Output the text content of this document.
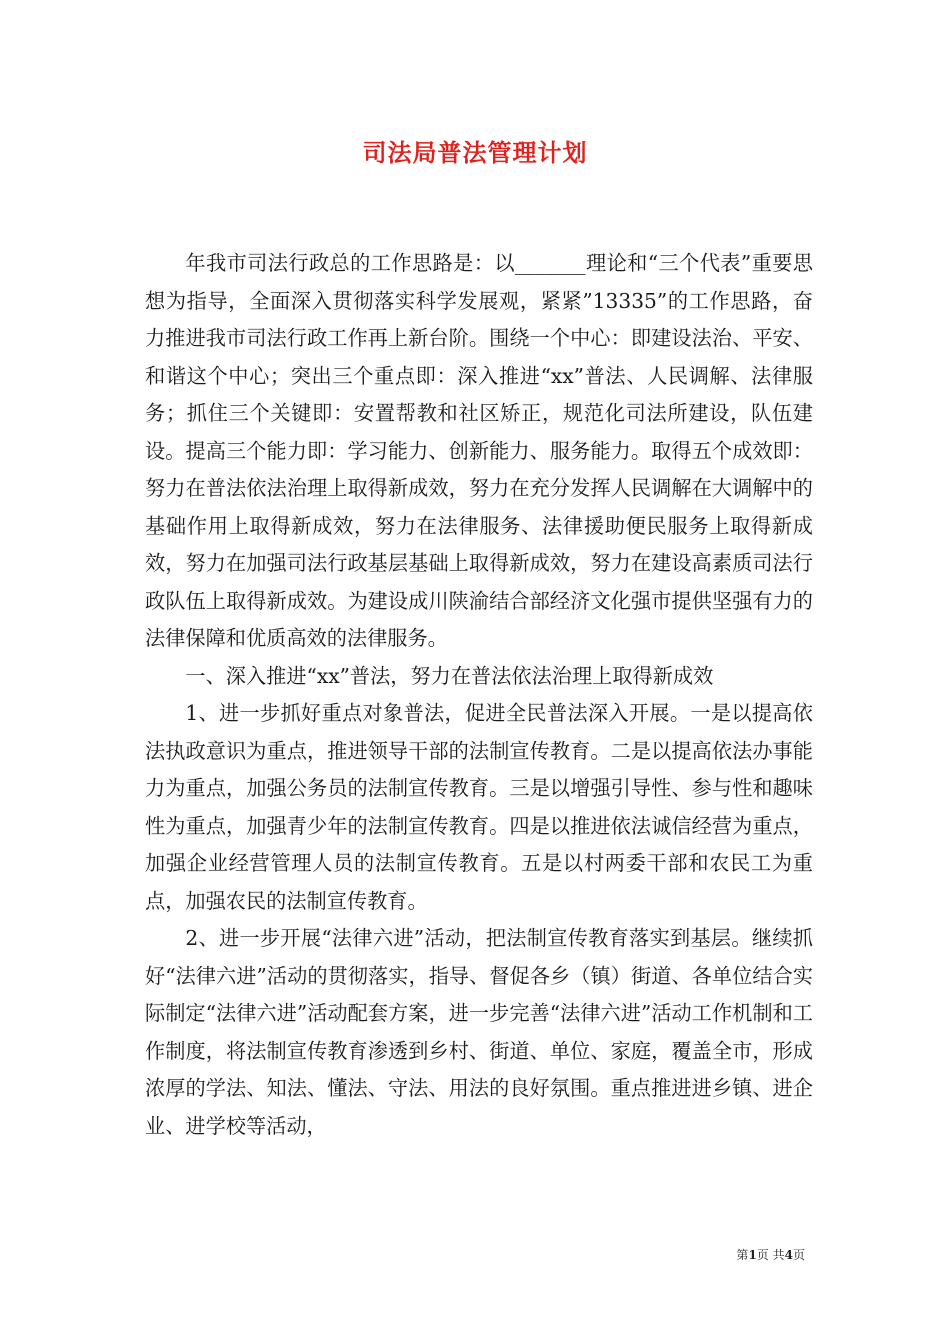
司法局普法管理计划

年我市司法行政总的工作思路是：以_______理论和“三个代表”重要思想为指导，全面深入贯彻落实科学发展观，紧紧”13335”的工作思路，奋力推进我市司法行政工作再上新台阶。围绕一个中心：即建设法治、平安、和谐这个中心；突出三个重点即：深入推进“xx”普法、人民调解、法律服务；抓住三个关键即：安置帮教和社区矫正，规范化司法所建设，队伍建设。提高三个能力即：学习能力、创新能力、服务能力。取得五个成效即：努力在普法依法治理上取得新成效，努力在充分发挥人民调解在大调解中的基础作用上取得新成效，努力在法律服务、法律援助便民服务上取得新成效，努力在加强司法行政基层基础上取得新成效，努力在建设高素质司法行政队伍上取得新成效。为建设成川陕渝结合部经济文化强市提供坚强有力的法律保障和优质高效的法律服务。

一、深入推进“xx”普法，努力在普法依法治理上取得新成效

1、进一步抓好重点对象普法，促进全民普法深入开展。一是以提高依法执政意识为重点，推进领导干部的法制宣传教育。二是以提高依法办事能力为重点，加强公务员的法制宣传教育。三是以增强引导性、参与性和趣味性为重点，加强青少年的法制宣传教育。四是以推进依法诚信经营为重点，加强企业经营管理人员的法制宣传教育。五是以村两委干部和农民工为重点，加强农民的法制宣传教育。

2、进一步开展“法律六进”活动，把法制宣传教育落实到基层。继续抓好“法律六进”活动的贯彻落实，指导、督促各乡（镇）街道、各单位结合实际制定“法律六进”活动配套方案，进一步完善“法律六进”活动工作机制和工作制度，将法制宣传教育渗透到乡村、街道、单位、家庭，覆盖全市，形成浓厚的学法、知法、懂法、守法、用法的良好氛围。重点推进进乡镇、进企业、进学校等活动，

第1页 共4页
